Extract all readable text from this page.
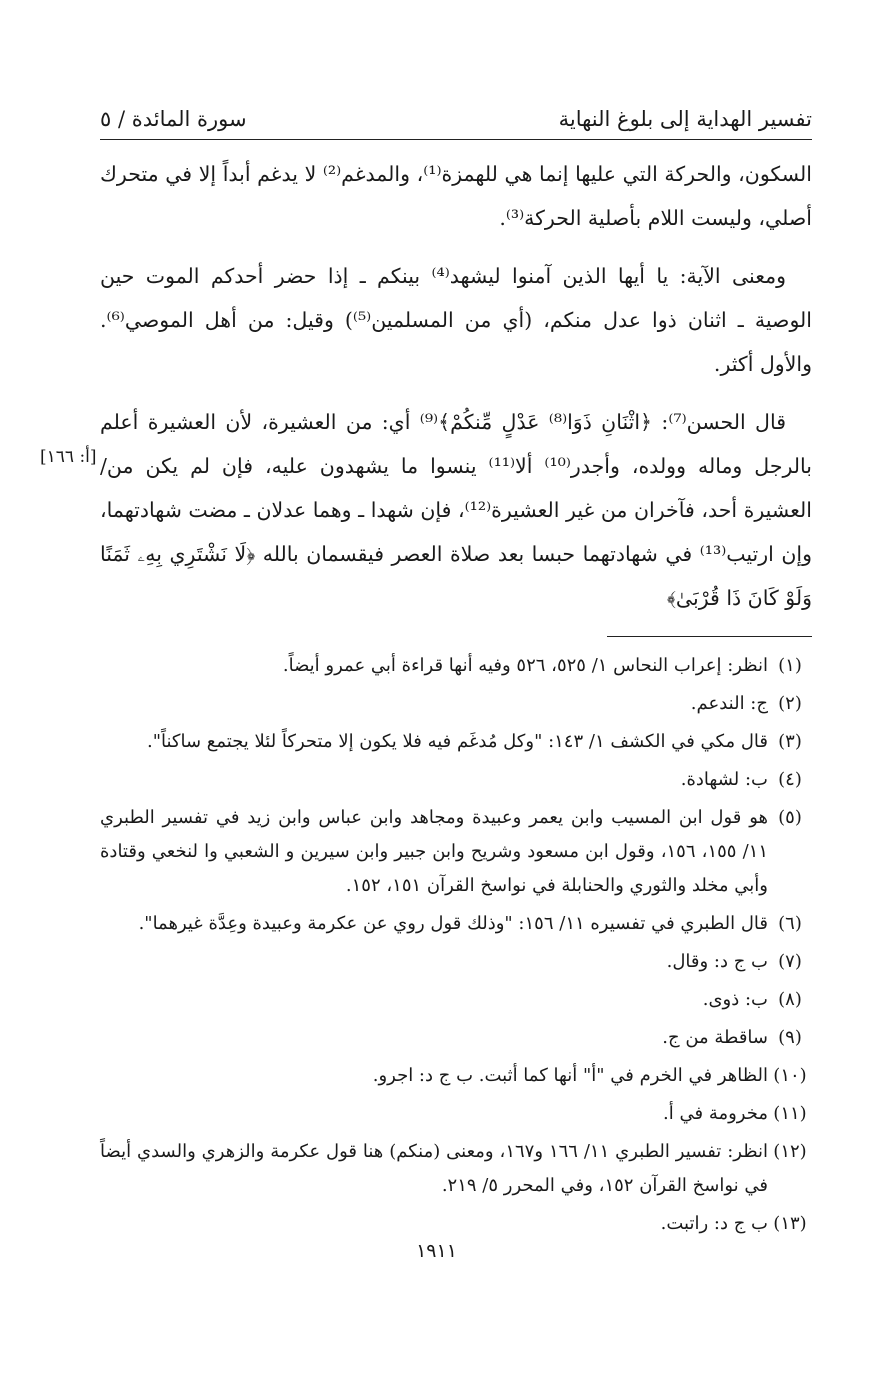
تفسير الهداية إلى بلوغ النهاية
سورة المائدة / ٥

السكون، والحركة التي عليها إنما هي للهمزة⁽¹⁾، والمدغم⁽²⁾ لا يدغم أبداً إلا في متحرك أصلي، وليست اللام بأصلية الحركة⁽³⁾.

ومعنى الآية: يا أيها الذين آمنوا ليشهد⁽⁴⁾ بينكم ـ إذا حضر أحدكم الموت حين الوصية ـ اثنان ذوا عدل منكم، (أي من المسلمين⁽⁵⁾) وقيل: من أهل الموصي⁽⁶⁾. والأول أكثر.

قال الحسن⁽⁷⁾: ﴿اثْنَانِ ذَوَا⁽⁸⁾ عَدْلٍ مِّنكُمْ﴾⁽⁹⁾ أي: من العشيرة، لأن العشيرة أعلم بالرجل وماله وولده، وأجدر⁽¹⁰⁾ ألا⁽¹¹⁾ ينسوا ما يشهدون عليه، فإن لم يكن من/ العشيرة أحد، فآخران من غير العشيرة⁽¹²⁾، فإن شهدا ـ وهما عدلان ـ مضت شهادتهما، وإن ارتيب⁽¹³⁾ في شهادتهما حبسا بعد صلاة العصر فيقسمان بالله ﴿لَا نَشْتَرِي بِهِۦ ثَمَنًا وَلَوْ كَانَ ذَا قُرْبَىٰ﴾

(١)
انظر: إعراب النحاس ١/ ٥٢٥، ٥٢٦ وفيه أنها قراءة أبي عمرو أيضاً.
(٢)
ج: الندعم.
(٣)
قال مكي في الكشف ١/ ١٤٣: "وكل مُدغَم فيه فلا يكون إلا متحركاً لئلا يجتمع ساكناً".
(٤)
ب: لشهادة.
(٥)
هو قول ابن المسيب وابن يعمر وعبيدة ومجاهد وابن عباس وابن زيد في تفسير الطبري ١١/ ١٥٥، ١٥٦، وقول ابن مسعود وشريح وابن جبير وابن سيرين و الشعبي وا لنخعي وقتادة وأبي مخلد والثوري والحنابلة في نواسخ القرآن ١٥١، ١٥٢.
(٦)
قال الطبري في تفسيره ١١/ ١٥٦: "وذلك قول روي عن عكرمة وعبيدة وعِدَّة غيرهما".
(٧)
ب ج د: وقال.
(٨)
ب: ذوى.
(٩)
ساقطة من ج.
(١٠)
الظاهر في الخرم في "أ" أنها كما أثبت. ب ج د: اجرو.
(١١)
مخرومة في أ.
(١٢)
انظر: تفسير الطبري ١١/ ١٦٦ و١٦٧، ومعنى (منكم) هنا قول عكرمة والزهري والسدي أيضاً في نواسخ القرآن ١٥٢، وفي المحرر ٥/ ٢١٩.
(١٣)
ب ج د: راتبت.
[أ: ١٦٦]
١٩١١
